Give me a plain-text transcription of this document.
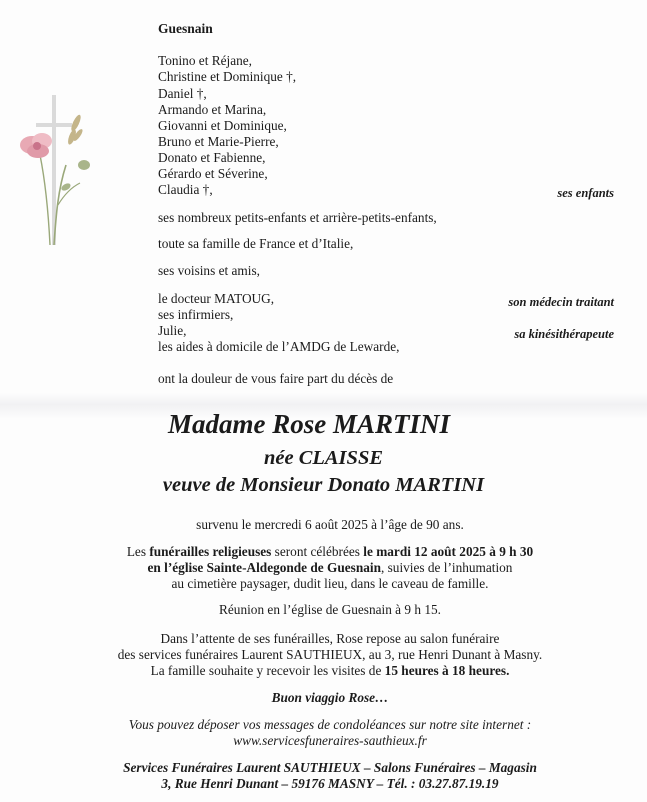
Guesnain
Tonino et Réjane,
Christine et Dominique †,
Daniel †,
Armando et Marina,
Giovanni et Dominique,
Bruno et Marie-Pierre,
Donato et Fabienne,
Gérardo et Séverine,
Claudia †,	ses enfants
ses nombreux petits-enfants et arrière-petits-enfants,
toute sa famille de France et d’Italie,
ses voisins et amis,
le docteur MATOUG,	son médecin traitant
ses infirmiers,
Julie,	sa kinésithérapeute
les aides à domicile de l’AMDG de Lewarde,
ont la douleur de vous faire part du décès de
Madame Rose MARTINI
née CLAISSE
veuve de Monsieur Donato MARTINI
survenu le mercredi 6 août 2025 à l’âge de 90 ans.
Les funérailles religieuses seront célébrées le mardi 12 août 2025 à 9 h 30
en l’église Sainte-Aldegonde de Guesnain, suivies de l’inhumation
au cimetière paysager, dudit lieu, dans le caveau de famille.
Réunion en l’église de Guesnain à 9 h 15.
Dans l’attente de ses funérailles, Rose repose au salon funéraire
des services funéraires Laurent SAUTHIEUX, au 3, rue Henri Dunant à Masny.
La famille souhaite y recevoir les visites de 15 heures à 18 heures.
Buon viaggio Rose…
Vous pouvez déposer vos messages de condoléances sur notre site internet :
www.servicesfuneraires-sauthieux.fr
Services Funéraires Laurent SAUTHIEUX – Salons Funéraires – Magasin
3, Rue Henri Dunant – 59176 MASNY – Tél. : 03.27.87.19.19
